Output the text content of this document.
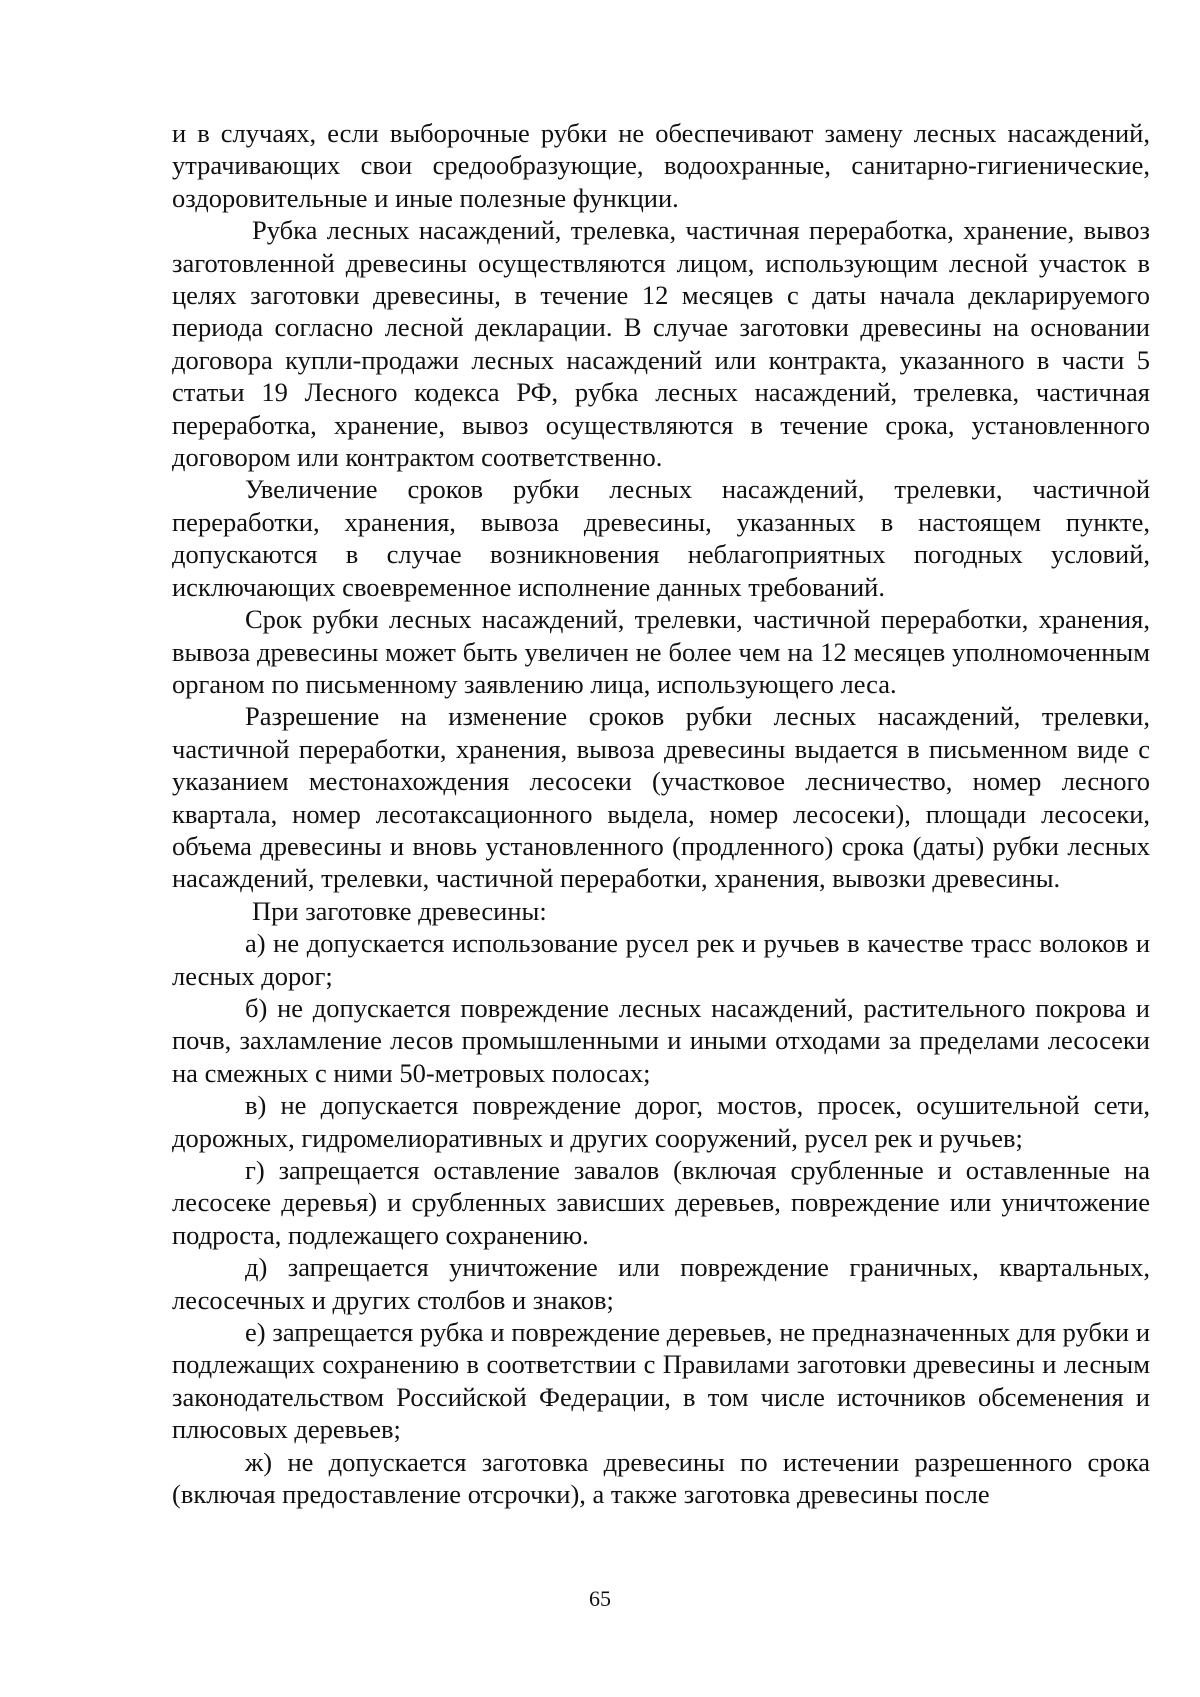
и в случаях, если выборочные рубки не обеспечивают замену лесных насаждений, утрачивающих свои средообразующие, водоохранные, санитарно-гигиенические, оздоровительные и иные полезные функции.

Рубка лесных насаждений, трелевка, частичная переработка, хранение, вывоз заготовленной древесины осуществляются лицом, использующим лесной участок в целях заготовки древесины, в течение 12 месяцев с даты начала декларируемого периода согласно лесной декларации. В случае заготовки древесины на основании договора купли-продажи лесных насаждений или контракта, указанного в части 5 статьи 19 Лесного кодекса РФ, рубка лесных насаждений, трелевка, частичная переработка, хранение, вывоз осуществляются в течение срока, установленного договором или контрактом соответственно.

Увеличение сроков рубки лесных насаждений, трелевки, частичной переработки, хранения, вывоза древесины, указанных в настоящем пункте, допускаются в случае возникновения неблагоприятных погодных условий, исключающих своевременное исполнение данных требований.

Срок рубки лесных насаждений, трелевки, частичной переработки, хранения, вывоза древесины может быть увеличен не более чем на 12 месяцев уполномоченным органом по письменному заявлению лица, использующего леса.

Разрешение на изменение сроков рубки лесных насаждений, трелевки, частичной переработки, хранения, вывоза древесины выдается в письменном виде с указанием местонахождения лесосеки (участковое лесничество, номер лесного квартала, номер лесотаксационного выдела, номер лесосеки), площади лесосеки, объема древесины и вновь установленного (продленного) срока (даты) рубки лесных насаждений, трелевки, частичной переработки, хранения, вывозки древесины.

При заготовке древесины:

а) не допускается использование русел рек и ручьев в качестве трасс волоков и лесных дорог;

б) не допускается повреждение лесных насаждений, растительного покрова и почв, захламление лесов промышленными и иными отходами за пределами лесосеки на смежных с ними 50-метровых полосах;

в) не допускается повреждение дорог, мостов, просек, осушительной сети, дорожных, гидромелиоративных и других сооружений, русел рек и ручьев;

г) запрещается оставление завалов (включая срубленные и оставленные на лесосеке деревья) и срубленных зависших деревьев, повреждение или уничтожение подроста, подлежащего сохранению.

д) запрещается уничтожение или повреждение граничных, квартальных, лесосечных и других столбов и знаков;

е) запрещается рубка и повреждение деревьев, не предназначенных для рубки и подлежащих сохранению в соответствии с Правилами заготовки древесины и лесным законодательством Российской Федерации, в том числе источников обсеменения и плюсовых деревьев;

ж) не допускается заготовка древесины по истечении разрешенного срока (включая предоставление отсрочки), а также заготовка древесины после

65
